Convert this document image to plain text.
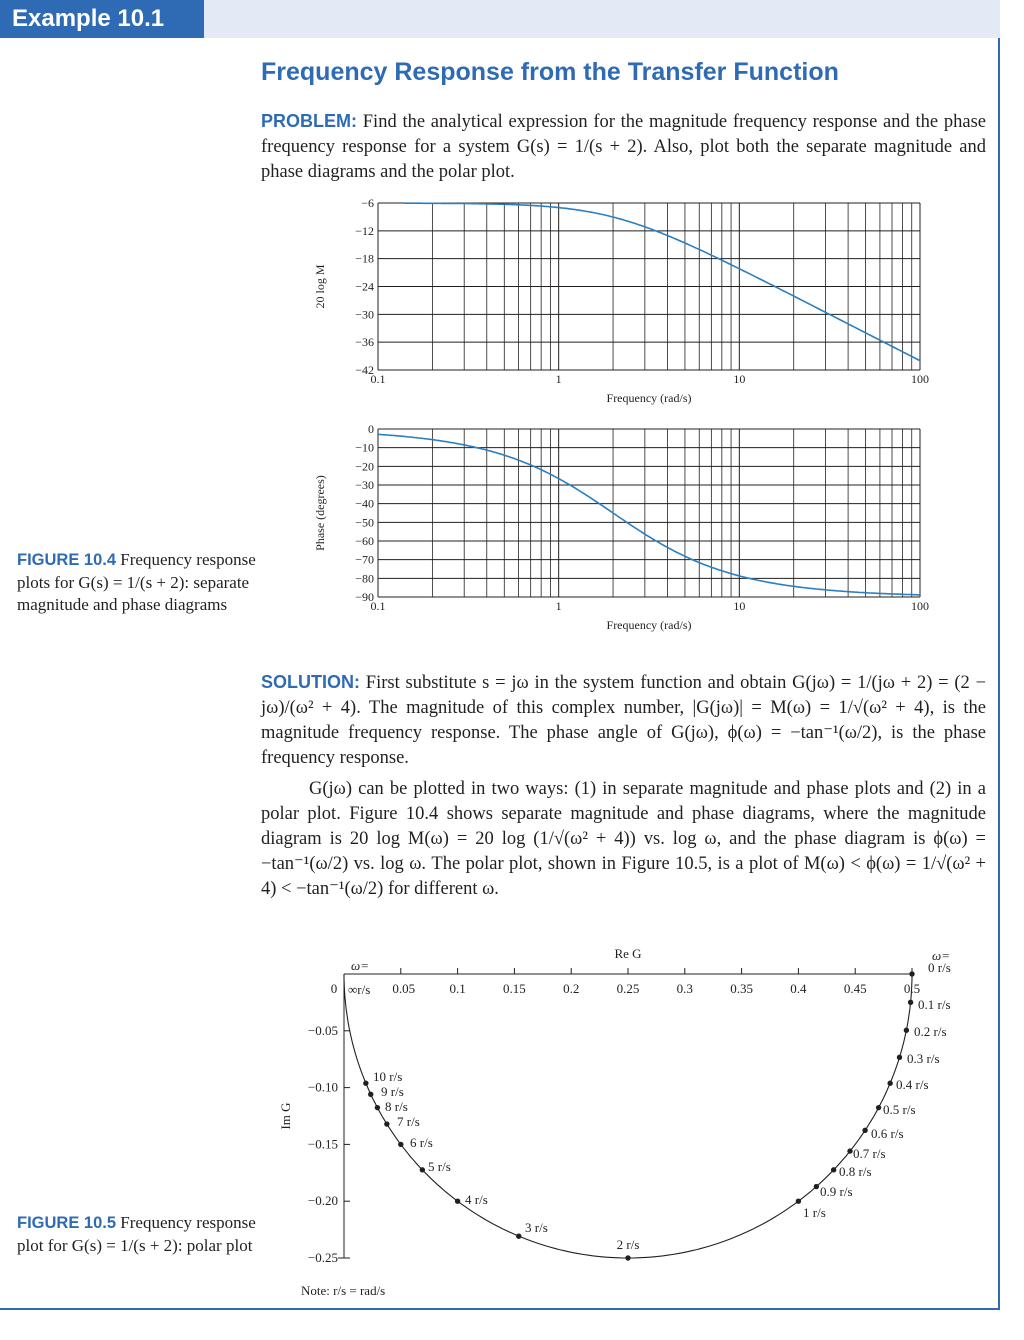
Example 10.1
Frequency Response from the Transfer Function

PROBLEM: Find the analytical expression for the magnitude frequency response and the phase frequency response for a system G(s) = 1/(s + 2). Also, plot both the separate magnitude and phase diagrams and the polar plot.

FIGURE 10.4 Frequency response plots for G(s) = 1/(s + 2): separate magnitude and phase diagrams

SOLUTION: First substitute s = jω in the system function and obtain G(jω) = 1/(jω + 2) = (2 − jω)/(ω² + 4). The magnitude of this complex number, |G(jω)| = M(ω) = 1/√(ω² + 4), is the magnitude frequency response. The phase angle of G(jω), ϕ(ω) = −tan⁻¹(ω/2), is the phase frequency response.

G(jω) can be plotted in two ways: (1) in separate magnitude and phase plots and (2) in a polar plot. Figure 10.4 shows separate magnitude and phase diagrams, where the magnitude diagram is 20 log M(ω) = 20 log (1/√(ω² + 4)) vs. log ω, and the phase diagram is ϕ(ω) = −tan⁻¹(ω/2) vs. log ω. The polar plot, shown in Figure 10.5, is a plot of M(ω) < ϕ(ω) = 1/√(ω² + 4) < −tan⁻¹(ω/2) for different ω.

FIGURE 10.5 Frequency response plot for G(s) = 1/(s + 2): polar plot
−6
−12
−18
−24
−30
−36
−42
0.1	1	10	100
Frequency (rad/s)
20 log M
0
−10
−20
−30
−40
−50
−60
−70
−80
−90
0.1	1	10	100
Frequency (rad/s)
Phase (degrees)
0	0.05	0.1	0.15	0.2	0.25	0.3	0.35	0.4	0.45	0.5
−0.05
−0.10
−0.15
−0.20
−0.25
Re G
Im G
ω=
∞r/s
ω=
0 r/s
0.1 r/s
0.2 r/s
0.3 r/s
0.4 r/s
0.5 r/s
0.6 r/s
0.7 r/s
0.8 r/s
0.9 r/s
1 r/s
2 r/s
3 r/s
4 r/s
5 r/s
6 r/s
7 r/s
8 r/s
9 r/s
10 r/s
Note: r/s = rad/s
